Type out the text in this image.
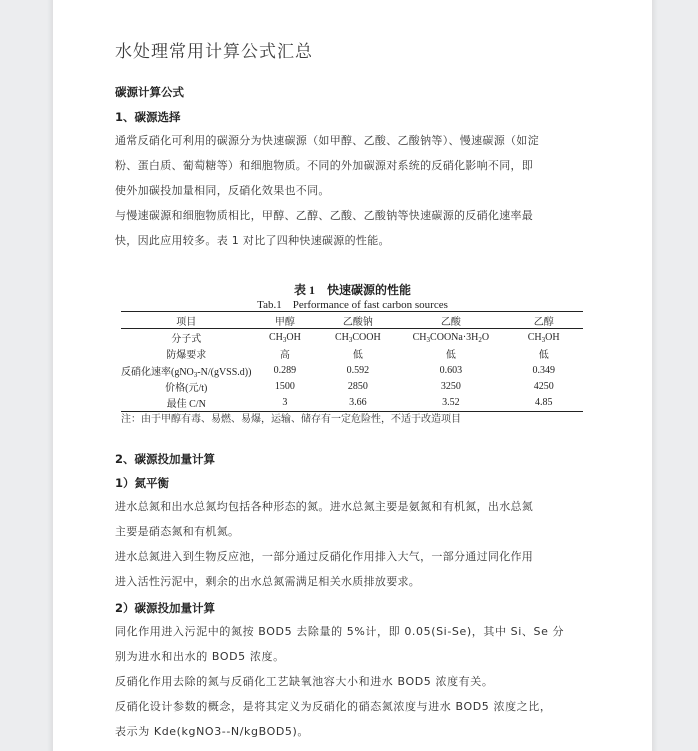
水处理常用计算公式汇总
碳源计算公式
1、碳源选择
通常反硝化可利用的碳源分为快速碳源（如甲醇、乙酸、乙酸钠等）、慢速碳源（如淀
粉、蛋白质、葡萄糖等）和细胞物质。不同的外加碳源对系统的反硝化影响不同，即
使外加碳投加量相同，反硝化效果也不同。
与慢速碳源和细胞物质相比，甲醇、乙醇、乙酸、乙酸钠等快速碳源的反硝化速率最
快，因此应用较多。表 1 对比了四种快速碳源的性能。
表 1　快速碳源的性能
Tab.1　Performance of fast carbon sources
项目	甲醇	乙酸钠	乙酸	乙醇
分子式	$CH_3OH$	$CH_3COOH$	$CH_3COONa\cdot 3H_2O$	$CH_3OH$
防爆要求	高	低	低	低
反硝化速率(gNO$_3$-N/(gVSS.d))	0.289	0.592	0.603	0.349
价格(元/t)	1500	2850	3250	4250
最佳 C/N	3	3.66	3.52	4.85
注：由于甲醇有毒、易燃、易爆，运输、储存有一定危险性，不适于改造项目
2、碳源投加量计算
1）氮平衡
进水总氮和出水总氮均包括各种形态的氮。进水总氮主要是氨氮和有机氮，出水总氮
主要是硝态氮和有机氮。
进水总氮进入到生物反应池，一部分通过反硝化作用排入大气，一部分通过同化作用
进入活性污泥中，剩余的出水总氮需满足相关水质排放要求。
2）碳源投加量计算
同化作用进入污泥中的氮按 BOD5 去除量的 5%计，即 0.05(Si-Se)，其中 Si、Se 分
别为进水和出水的 BOD5 浓度。
反硝化作用去除的氮与反硝化工艺缺氧池容大小和进水 BOD5 浓度有关。
反硝化设计参数的概念，是将其定义为反硝化的硝态氮浓度与进水 BOD5 浓度之比，
表示为 Kde(kgNO3--N/kgBOD5)。
